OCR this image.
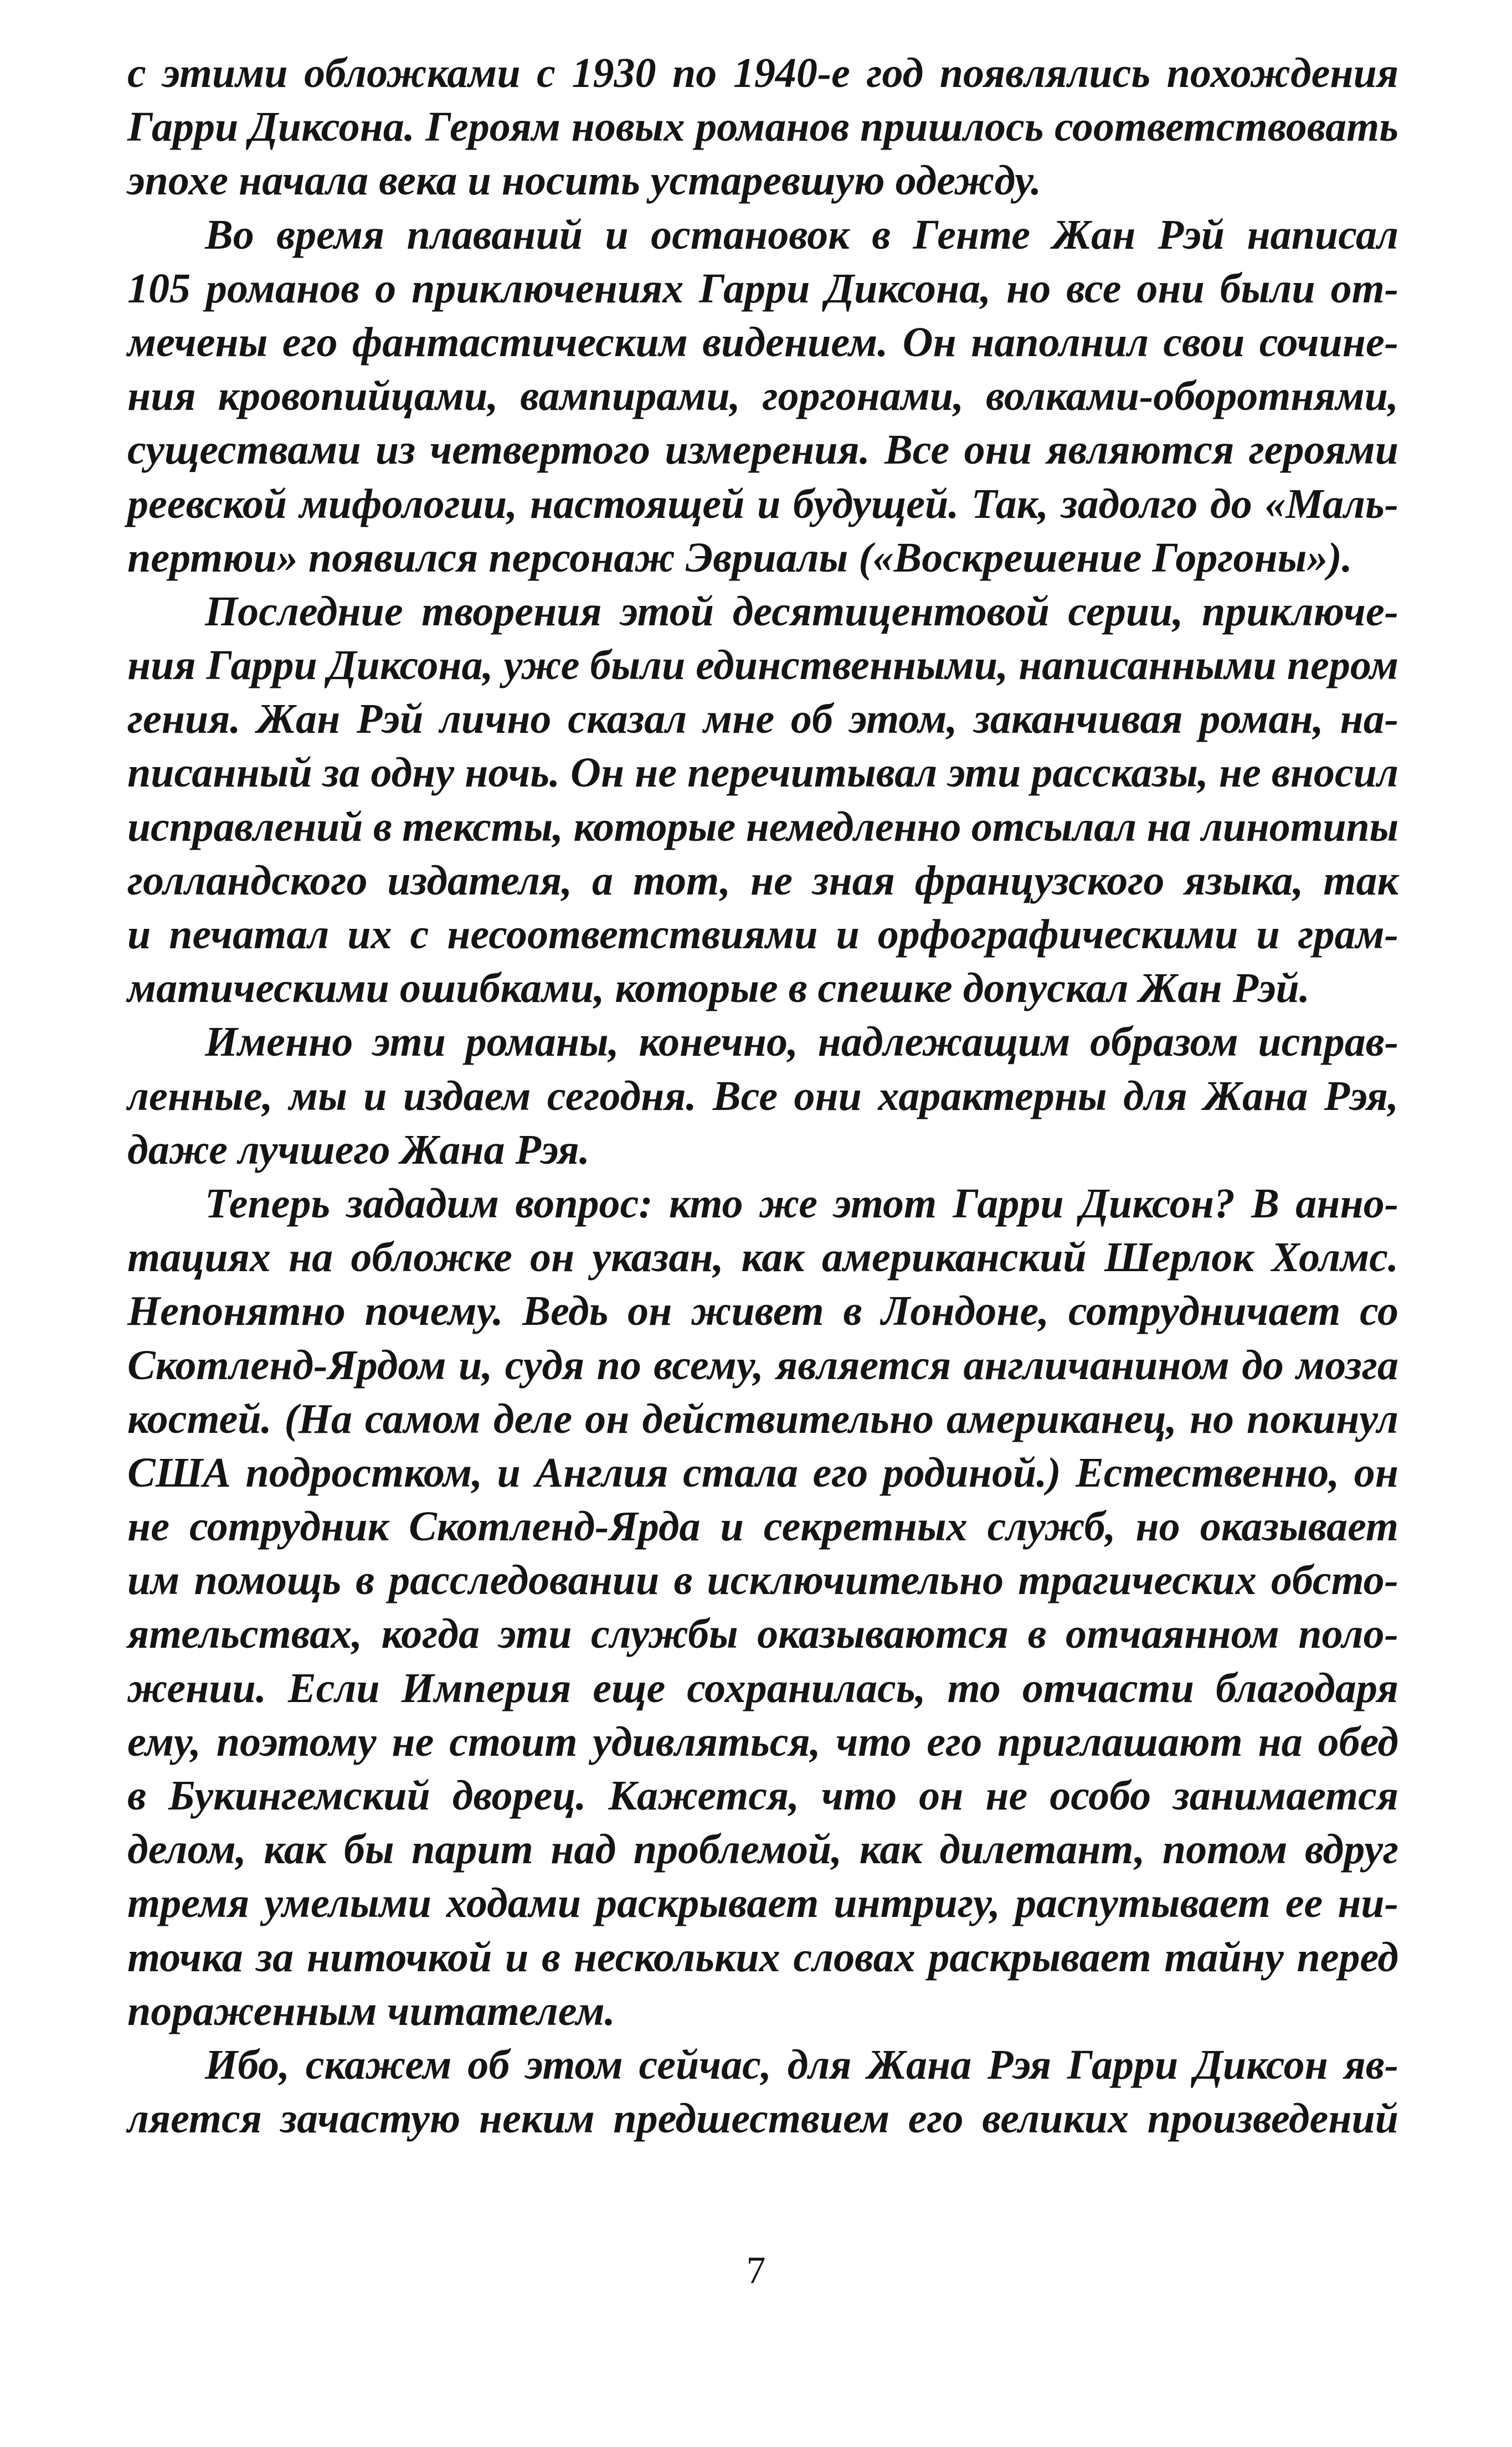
с этими обложками с 1930 по 1940-е год появлялись похождения
Гарри Диксона. Героям новых романов пришлось соответствовать
эпохе начала века и носить устаревшую одежду.
Во время плаваний и остановок в Генте Жан Рэй написал
105 романов о приключениях Гарри Диксона, но все они были от-
мечены его фантастическим видением. Он наполнил свои сочине-
ния кровопийцами, вампирами, горгонами, волками-оборотнями,
существами из четвертого измерения. Все они являются героями
реевской мифологии, настоящей и будущей. Так, задолго до «Маль-
пертюи» появился персонаж Эвриалы («Воскрешение Горгоны»).
Последние творения этой десятицентовой серии, приключе-
ния Гарри Диксона, уже были единственными, написанными пером
гения. Жан Рэй лично сказал мне об этом, заканчивая роман, на-
писанный за одну ночь. Он не перечитывал эти рассказы, не вносил
исправлений в тексты, которые немедленно отсылал на линотипы
голландского издателя, а тот, не зная французского языка, так
и печатал их с несоответствиями и орфографическими и грам-
матическими ошибками, которые в спешке допускал Жан Рэй.
Именно эти романы, конечно, надлежащим образом исправ-
ленные, мы и издаем сегодня. Все они характерны для Жана Рэя,
даже лучшего Жана Рэя.
Теперь зададим вопрос: кто же этот Гарри Диксон? В анно-
тациях на обложке он указан, как американский Шерлок Холмс.
Непонятно почему. Ведь он живет в Лондоне, сотрудничает со
Скотленд-Ярдом и, судя по всему, является англичанином до мозга
костей. (На самом деле он действительно американец, но покинул
США подростком, и Англия стала его родиной.) Естественно, он
не сотрудник Скотленд-Ярда и секретных служб, но оказывает
им помощь в расследовании в исключительно трагических обсто-
ятельствах, когда эти службы оказываются в отчаянном поло-
жении. Если Империя еще сохранилась, то отчасти благодаря
ему, поэтому не стоит удивляться, что его приглашают на обед
в Букингемский дворец. Кажется, что он не особо занимается
делом, как бы парит над проблемой, как дилетант, потом вдруг
тремя умелыми ходами раскрывает интригу, распутывает ее ни-
точка за ниточкой и в нескольких словах раскрывает тайну перед
пораженным читателем.
Ибо, скажем об этом сейчас, для Жана Рэя Гарри Диксон яв-
ляется зачастую неким предшествием его великих произведений
7
